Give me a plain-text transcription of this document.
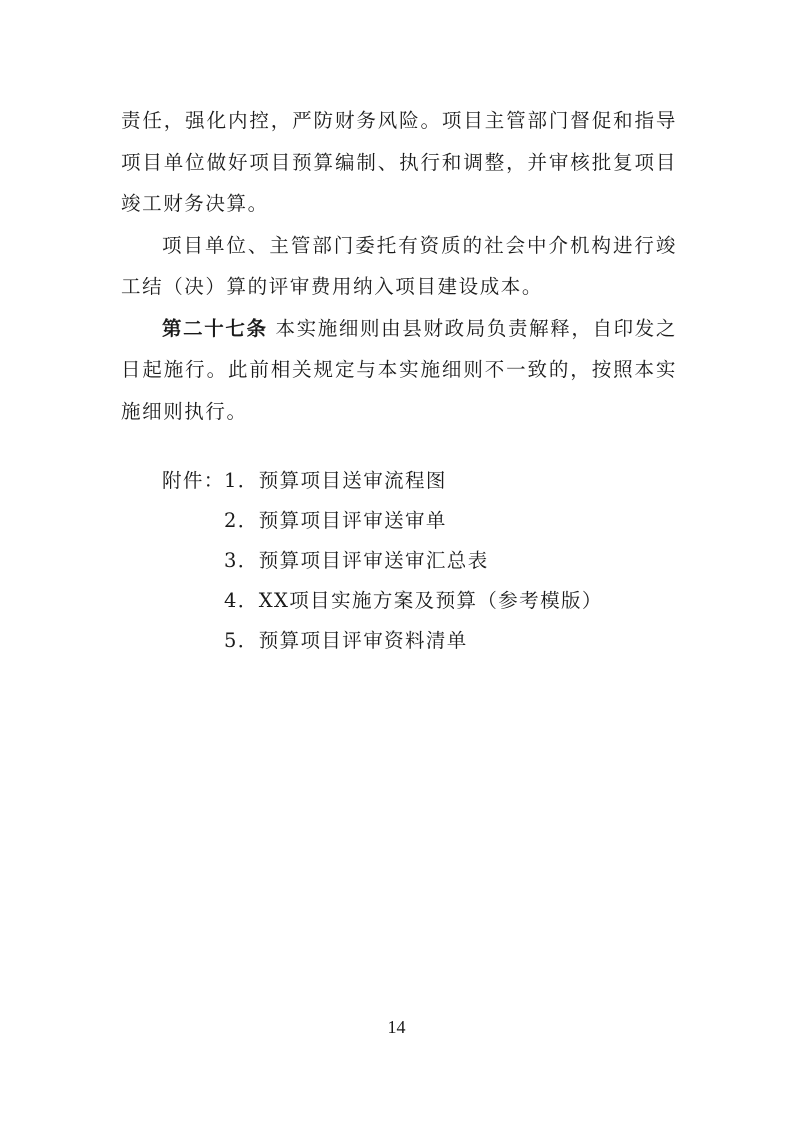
责任，强化内控，严防财务风险。项目主管部门督促和指导项目单位做好项目预算编制、执行和调整，并审核批复项目竣工财务决算。

项目单位、主管部门委托有资质的社会中介机构进行竣工结（决）算的评审费用纳入项目建设成本。

第二十七条 本实施细则由县财政局负责解释，自印发之日起施行。此前相关规定与本实施细则不一致的，按照本实施细则执行。

附件： 1．预算项目送审流程图
2．预算项目评审送审单
3．预算项目评审送审汇总表
4．XX项目实施方案及预算（参考模版）
5．预算项目评审资料清单
14
